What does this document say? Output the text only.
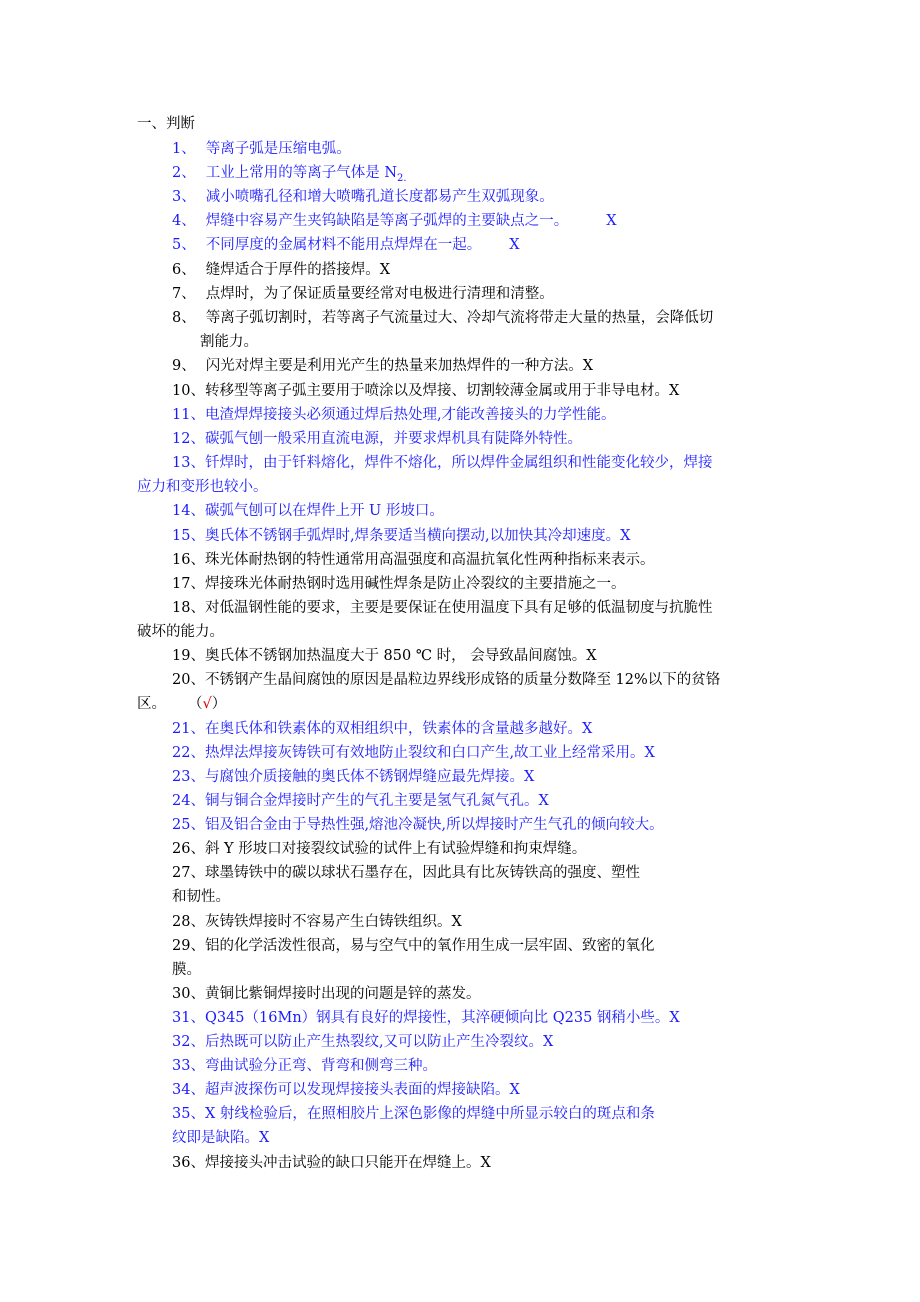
一、判断
1、 等离子弧是压缩电弧。
2、 工业上常用的等离子气体是 $N_{2.}$
3、 减小喷嘴孔径和增大喷嘴孔道长度都易产生双弧现象。
4、 焊缝中容易产生夹钨缺陷是等离子弧焊的主要缺点之一。	X
5、 不同厚度的金属材料不能用点焊焊在一起。 X
6、 缝焊适合于厚件的搭接焊。X
7、 点焊时，为了保证质量要经常对电极进行清理和清整。
8、 等离子弧切割时，若等离子气流量过大、冷却气流将带走大量的热量，会降低切
割能力。
9、 闪光对焊主要是利用光产生的热量来加热焊件的一种方法。X
10、转移型等离子弧主要用于喷涂以及焊接、切割较薄金属或用于非导电材。X
11、电渣焊焊接接头必须通过焊后热处理,才能改善接头的力学性能。
12、碳弧气刨一般采用直流电源，并要求焊机具有陡降外特性。
13、钎焊时，由于钎料熔化，焊件不熔化，所以焊件金属组织和性能变化较少，焊接
应力和变形也较小。
14、碳弧气刨可以在焊件上开 U 形坡口。
15、奥氏体不锈钢手弧焊时,焊条要适当横向摆动,以加快其冷却速度。X
16、珠光体耐热钢的特性通常用高温强度和高温抗氧化性两种指标来表示。
17、焊接珠光体耐热钢时选用碱性焊条是防止冷裂纹的主要措施之一。
18、对低温钢性能的要求，主要是要保证在使用温度下具有足够的低温韧度与抗脆性
破坏的能力。
19、奥氏体不锈钢加热温度大于 850 ℃ 时， 会导致晶间腐蚀。X
20、不锈钢产生晶间腐蚀的原因是晶粒边界线形成铬的质量分数降至 12%以下的贫铬
区。 （√）
21、在奥氏体和铁素体的双相组织中，铁素体的含量越多越好。X
22、热焊法焊接灰铸铁可有效地防止裂纹和白口产生,故工业上经常采用。X
23、与腐蚀介质接触的奥氏体不锈钢焊缝应最先焊接。X
24、铜与铜合金焊接时产生的气孔主要是氢气孔氮气孔。X
25、铝及铝合金由于导热性强,熔池冷凝快,所以焊接时产生气孔的倾向较大。
26、斜 Y 形坡口对接裂纹试验的试件上有试验焊缝和拘束焊缝。
27、球墨铸铁中的碳以球状石墨存在，因此具有比灰铸铁高的强度、塑性
和韧性。
28、灰铸铁焊接时不容易产生白铸铁组织。X
29、铝的化学活泼性很高，易与空气中的氧作用生成一层牢固、致密的氧化
膜。
30、黄铜比紫铜焊接时出现的问题是锌的蒸发。
31、Q345（16Mn）钢具有良好的焊接性，其淬硬倾向比 Q235 钢稍小些。X
32、后热既可以防止产生热裂纹,又可以防止产生冷裂纹。X
33、弯曲试验分正弯、背弯和侧弯三种。
34、超声波探伤可以发现焊接接头表面的焊接缺陷。X
35、X 射线检验后，在照相胶片上深色影像的焊缝中所显示较白的斑点和条
纹即是缺陷。X
36、焊接接头冲击试验的缺口只能开在焊缝上。X
